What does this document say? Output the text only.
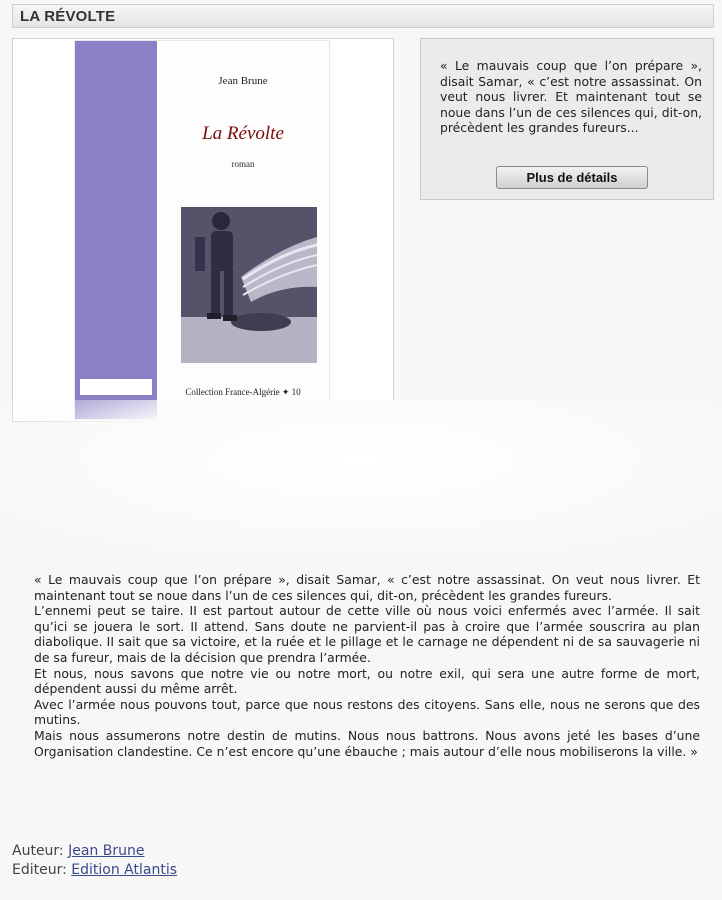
LA RÉVOLTE
Jean Brune
La Révolte
roman
Collection France-Algérie ✦ 10
« Le mauvais coup que l’on prépare », disait Samar, « c’est notre assassinat. On veut nous livrer. Et maintenant tout se noue dans l’un de ces silences qui, dit-on, précèdent les grandes fureurs...
Plus de détails

« Le mauvais coup que l’on prépare », disait Samar, « c’est notre assassinat. On veut nous livrer. Et maintenant tout se noue dans l’un de ces silences qui, dit-on, précèdent les grandes fureurs.

L’ennemi peut se taire. II est partout autour de cette ville où nous voici enfermés avec l’armée. Il sait qu’ici se jouera le sort. II attend. Sans doute ne parvient-il pas à croire que l’armée souscrira au plan diabolique. II sait que sa victoire, et la ruée et le pillage et le carnage ne dépendent ni de sa sauvagerie ni de sa fureur, mais de la décision que prendra l’armée.

Et nous, nous savons que notre vie ou notre mort, ou notre exil, qui sera une autre forme de mort, dépendent aussi du même arrêt.

Avec l’armée nous pouvons tout, parce que nous restons des citoyens. Sans elle, nous ne serons que des mutins.

Mais nous assumerons notre destin de mutins. Nous nous battrons. Nous avons jeté les bases d’une Organisation clandestine. Ce n’est encore qu’une ébauche ; mais autour d’elle nous mobiliserons la ville. »

Auteur: Jean Brune
Editeur: Edition Atlantis
